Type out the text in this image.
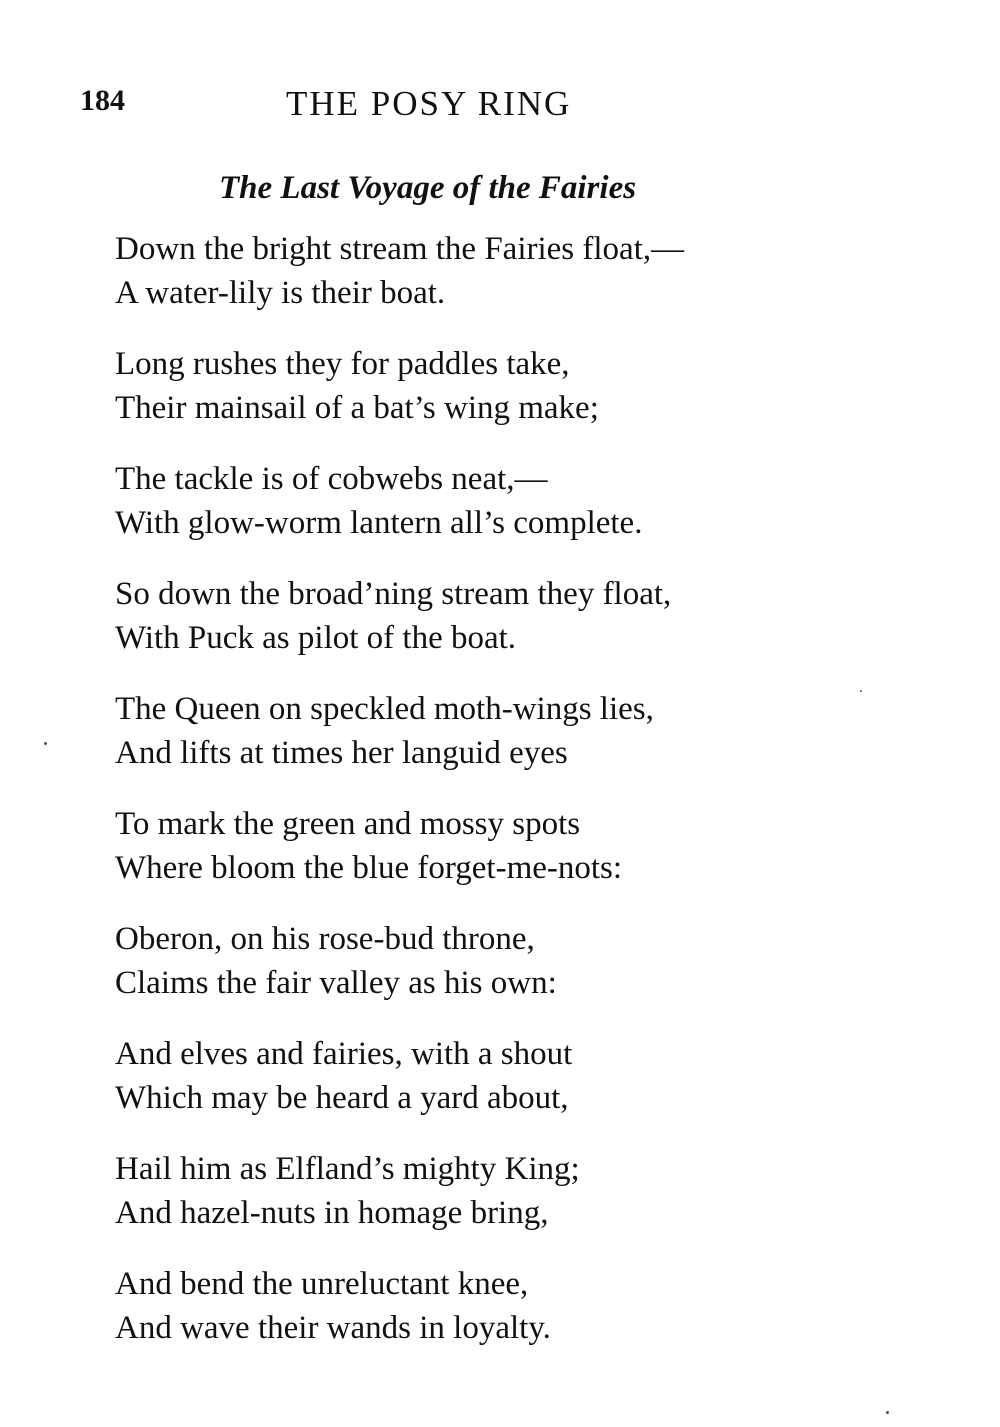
184	THE POSY RING
The Last Voyage of the Fairies
Down the bright stream the Fairies float,—
A water-lily is their boat.
Long rushes they for paddles take,
Their mainsail of a bat’s wing make;
The tackle is of cobwebs neat,—
With glow-worm lantern all’s complete.
So down the broad’ning stream they float,
With Puck as pilot of the boat.
The Queen on speckled moth-wings lies,
And lifts at times her languid eyes
To mark the green and mossy spots
Where bloom the blue forget-me-nots:
Oberon, on his rose-bud throne,
Claims the fair valley as his own:
And elves and fairies, with a shout
Which may be heard a yard about,
Hail him as Elfland’s mighty King;
And hazel-nuts in homage bring,
And bend the unreluctant knee,
And wave their wands in loyalty.
